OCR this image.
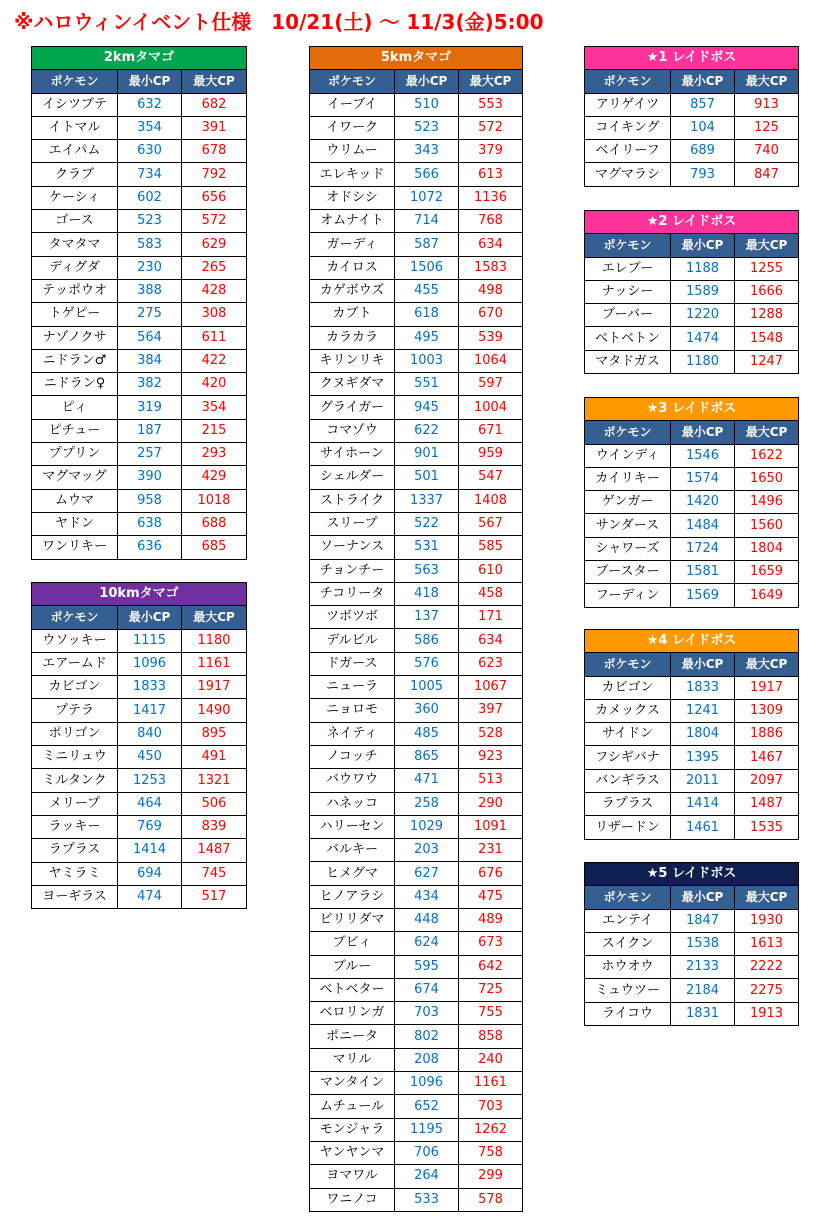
※ハロウィンイベント仕様　10/21(土) ～ 11/3(金)5:00
2kmタマゴ		
ポケモン	最小CP	最大CP
イシツブテ	632	682
イトマル	354	391
エイパム	630	678
クラブ	734	792
ケーシィ	602	656
ゴース	523	572
タマタマ	583	629
ディグダ	230	265
テッポウオ	388	428
トゲピー	275	308
ナゾノクサ	564	611
ニドラン♂	384	422
ニドラン♀	382	420
ピィ	319	354
ピチュー	187	215
ププリン	257	293
マグマッグ	390	429
ムウマ	958	1018
ヤドン	638	688
ワンリキー	636	685
10kmタマゴ		
ポケモン	最小CP	最大CP
ウソッキー	1115	1180
エアームド	1096	1161
カビゴン	1833	1917
プテラ	1417	1490
ポリゴン	840	895
ミニリュウ	450	491
ミルタンク	1253	1321
メリープ	464	506
ラッキー	769	839
ラプラス	1414	1487
ヤミラミ	694	745
ヨーギラス	474	517
5kmタマゴ		
ポケモン	最小CP	最大CP
イーブイ	510	553
イワーク	523	572
ウリムー	343	379
エレキッド	566	613
オドシシ	1072	1136
オムナイト	714	768
ガーディ	587	634
カイロス	1506	1583
カゲボウズ	455	498
カブト	618	670
カラカラ	495	539
キリンリキ	1003	1064
クヌギダマ	551	597
グライガー	945	1004
コマゾウ	622	671
サイホーン	901	959
シェルダー	501	547
ストライク	1337	1408
スリープ	522	567
ソーナンス	531	585
チョンチー	563	610
チコリータ	418	458
ツボツボ	137	171
デルビル	586	634
ドガース	576	623
ニューラ	1005	1067
ニョロモ	360	397
ネイティ	485	528
ノコッチ	865	923
バウワウ	471	513
ハネッコ	258	290
ハリーセン	1029	1091
バルキー	203	231
ヒメグマ	627	676
ヒノアラシ	434	475
ビリリダマ	448	489
ブビィ	624	673
ブルー	595	642
ベトベター	674	725
ベロリンガ	703	755
ポニータ	802	858
マリル	208	240
マンタイン	1096	1161
ムチュール	652	703
モンジャラ	1195	1262
ヤンヤンマ	706	758
ヨマワル	264	299
ワニノコ	533	578
★1 レイドボス		
ポケモン	最小CP	最大CP
アリゲイツ	857	913
コイキング	104	125
ベイリーフ	689	740
マグマラシ	793	847
★2 レイドボス		
ポケモン	最小CP	最大CP
エレブー	1188	1255
ナッシー	1589	1666
ブーバー	1220	1288
ベトベトン	1474	1548
マタドガス	1180	1247
★3 レイドボス		
ポケモン	最小CP	最大CP
ウインディ	1546	1622
カイリキー	1574	1650
ゲンガー	1420	1496
サンダース	1484	1560
シャワーズ	1724	1804
ブースター	1581	1659
フーディン	1569	1649
★4 レイドボス		
ポケモン	最小CP	最大CP
カビゴン	1833	1917
カメックス	1241	1309
サイドン	1804	1886
フシギバナ	1395	1467
バンギラス	2011	2097
ラプラス	1414	1487
リザードン	1461	1535
★5 レイドボス		
ポケモン	最小CP	最大CP
エンテイ	1847	1930
スイクン	1538	1613
ホウオウ	2133	2222
ミュウツー	2184	2275
ライコウ	1831	1913
